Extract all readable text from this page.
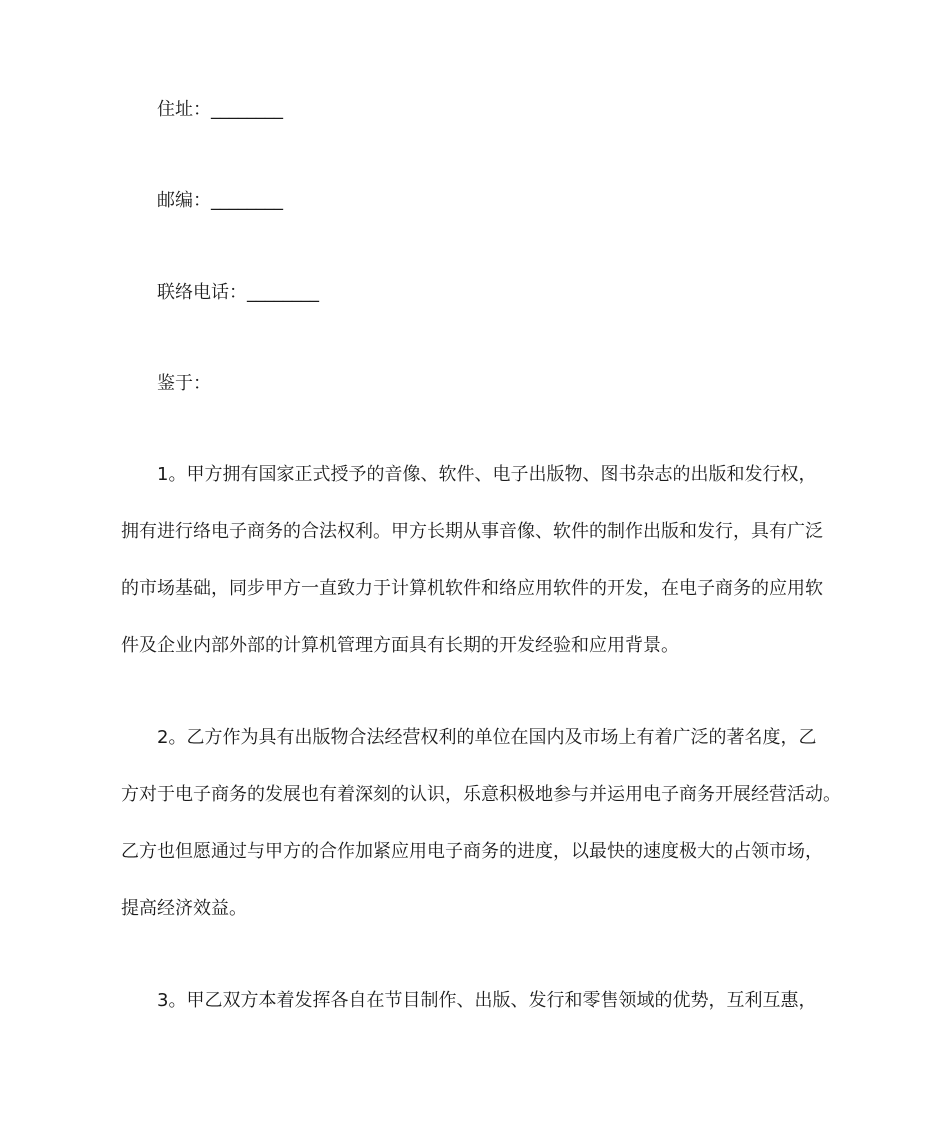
住址：________
邮编：________
联络电话：________
鉴于：
1。甲方拥有国家正式授予的音像、软件、电子出版物、图书杂志的出版和发行权，
拥有进行络电子商务的合法权利。甲方长期从事音像、软件的制作出版和发行，具有广泛
的市场基础，同步甲方一直致力于计算机软件和络应用软件的开发，在电子商务的应用软
件及企业内部外部的计算机管理方面具有长期的开发经验和应用背景。
2。乙方作为具有出版物合法经营权利的单位在国内及市场上有着广泛的著名度，乙
方对于电子商务的发展也有着深刻的认识，乐意积极地参与并运用电子商务开展经营活动。
乙方也但愿通过与甲方的合作加紧应用电子商务的进度，以最快的速度极大的占领市场，
提高经济效益。
3。甲乙双方本着发挥各自在节目制作、出版、发行和零售领域的优势，互利互惠，
